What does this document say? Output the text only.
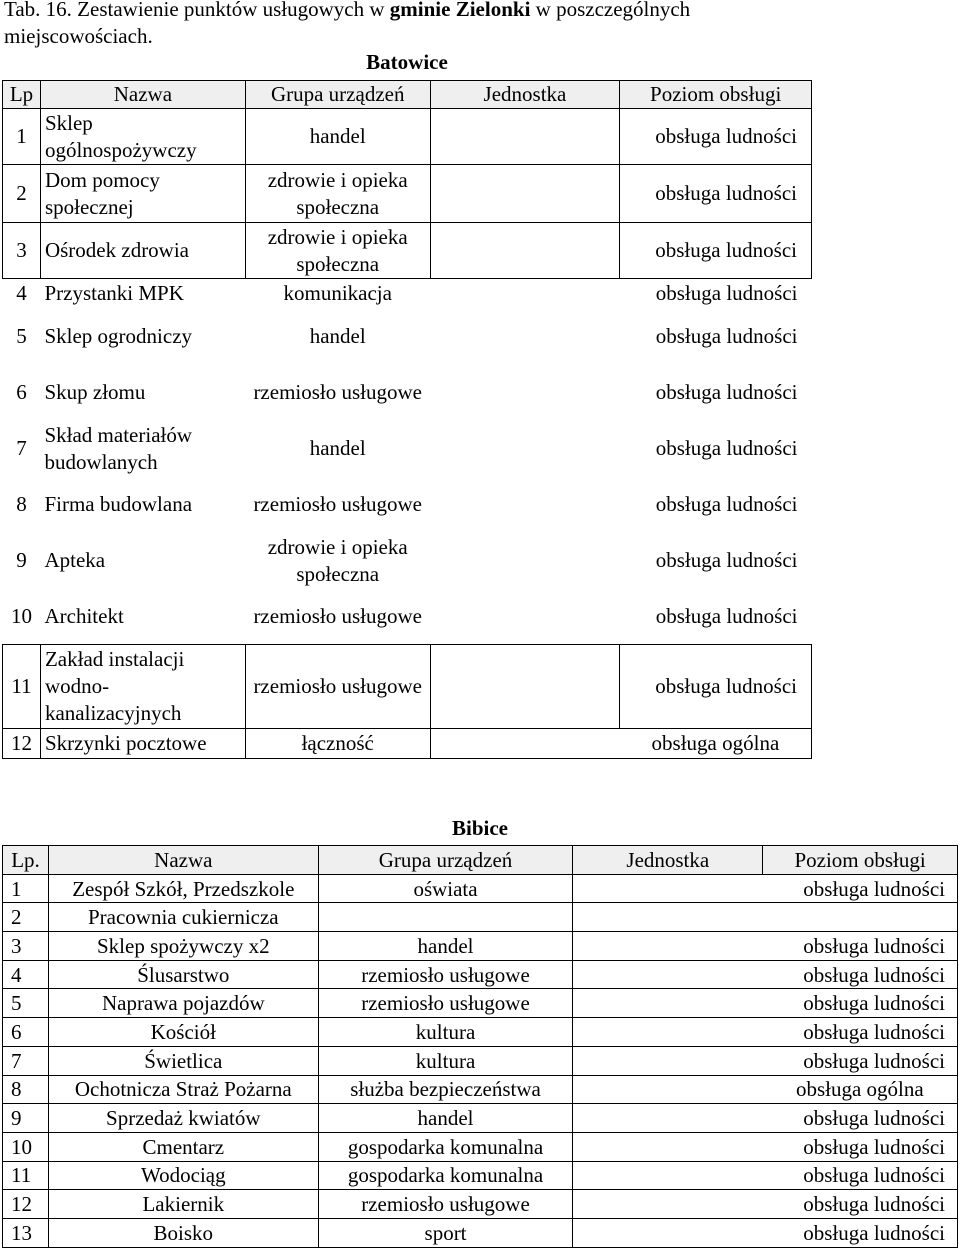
Tab. 16. Zestawienie punktów usługowych w gminie Zielonki w poszczególnych miejscowościach.
Batowice
Lp	Nazwa	Grupa urządzeń	Jednostka	Poziom obsługi
1	Sklep ogólnospożywczy	handel		obsługa ludności
2	Dom pomocy społecznej	zdrowie i opieka społeczna		obsługa ludności
3	Ośrodek zdrowia	zdrowie i opieka społeczna		obsługa ludności
4	Przystanki MPK	komunikacja		obsługa ludności
5	Sklep ogrodniczy	handel		obsługa ludności
6	Skup złomu	rzemiosło usługowe		obsługa ludności
7	Skład materiałów budowlanych	handel		obsługa ludności
8	Firma budowlana	rzemiosło usługowe		obsługa ludności
9	Apteka	zdrowie i opieka społeczna		obsługa ludności
10	Architekt	rzemiosło usługowe		obsługa ludności
11	Zakład instalacji wodno-kanalizacyjnych	rzemiosło usługowe		obsługa ludności
12	Skrzynki pocztowe	łączność		obsługa ogólna
Bibice
Lp.	Nazwa	Grupa urządzeń	Jednostka	Poziom obsługi
1	Zespół Szkół, Przedszkole	oświata		obsługa ludności
2	Pracownia cukiernicza			
3	Sklep spożywczy x2	handel		obsługa ludności
4	Ślusarstwo	rzemiosło usługowe		obsługa ludności
5	Naprawa pojazdów	rzemiosło usługowe		obsługa ludności
6	Kościół	kultura		obsługa ludności
7	Świetlica	kultura		obsługa ludności
8	Ochotnicza Straż Pożarna	służba bezpieczeństwa		obsługa ogólna
9	Sprzedaż kwiatów	handel		obsługa ludności
10	Cmentarz	gospodarka komunalna		obsługa ludności
11	Wodociąg	gospodarka komunalna		obsługa ludności
12	Lakiernik	rzemiosło usługowe		obsługa ludności
13	Boisko	sport		obsługa ludności
